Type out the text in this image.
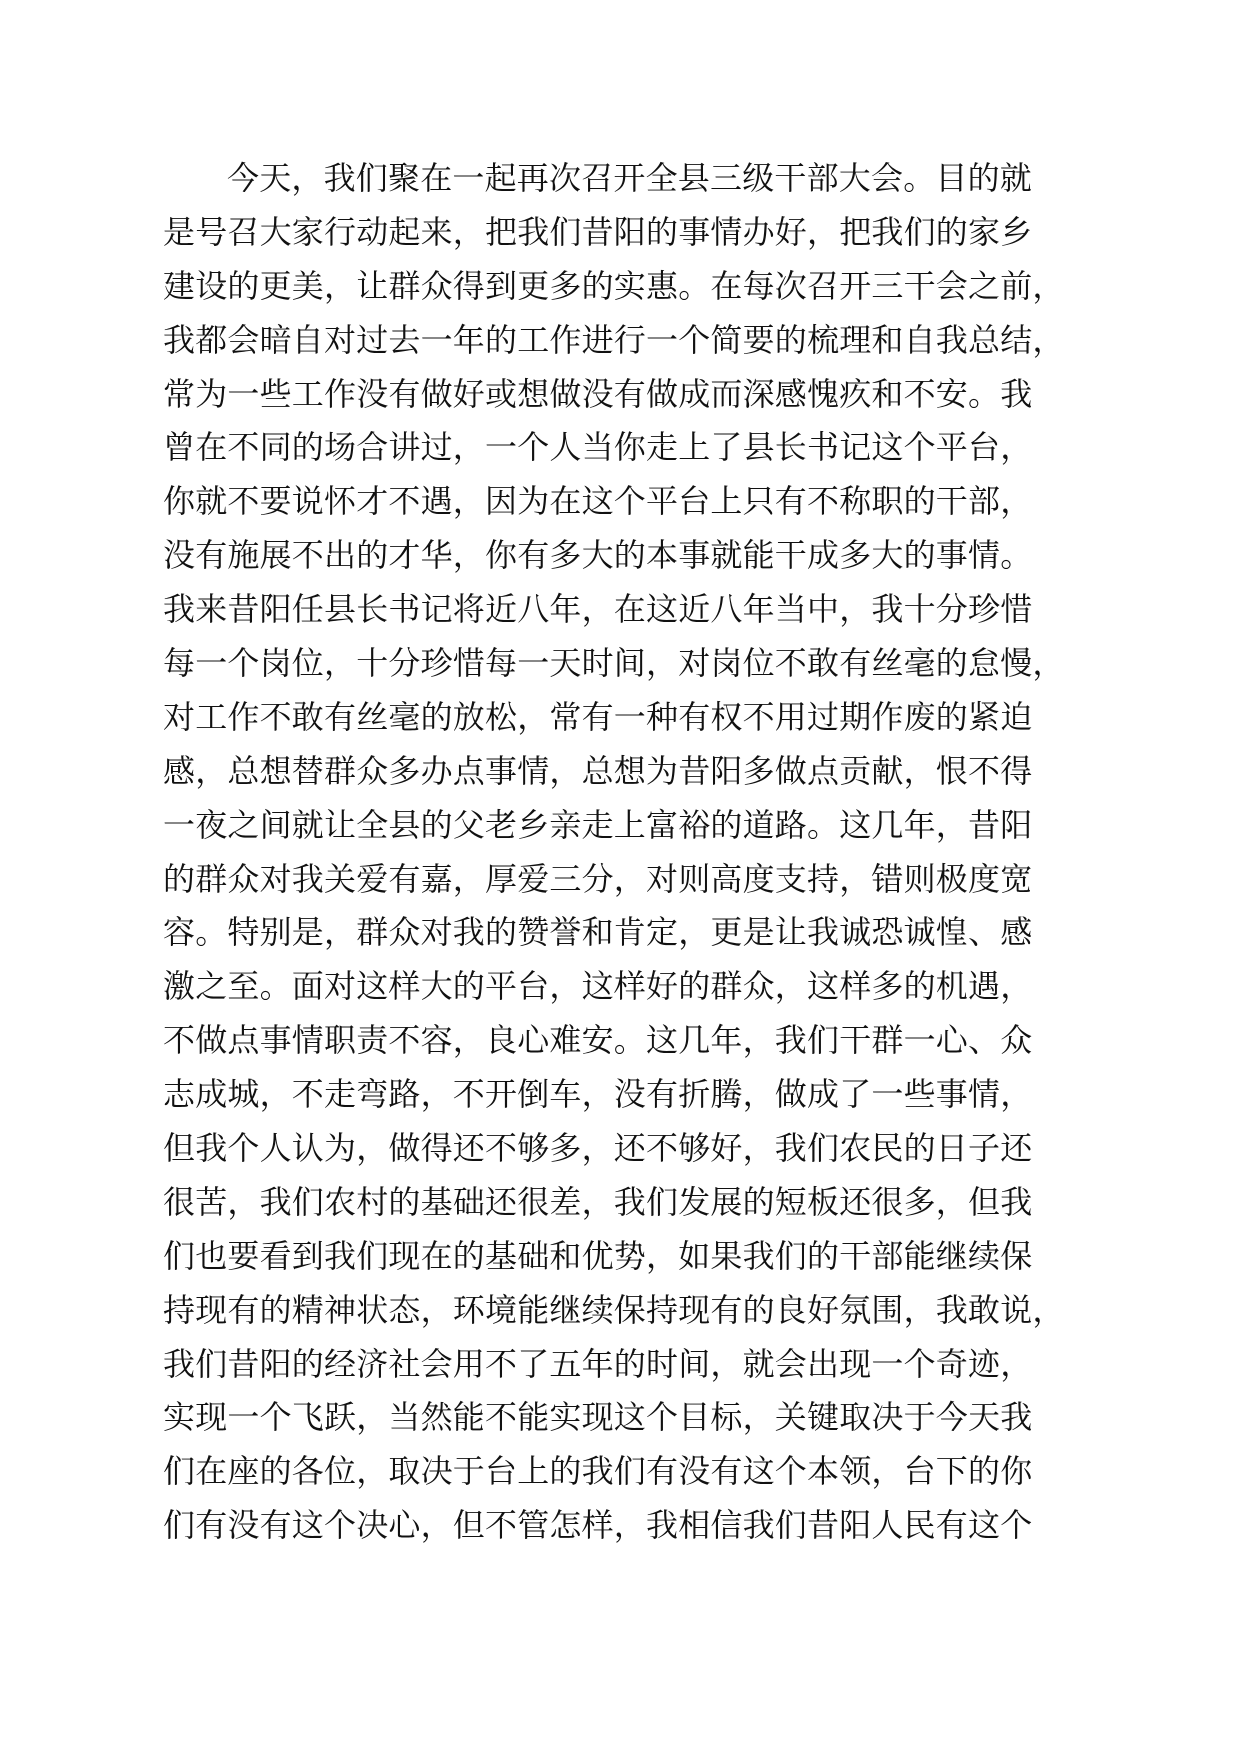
今天，我们聚在一起再次召开全县三级干部大会。目的就
是号召大家行动起来，把我们昔阳的事情办好，把我们的家乡
建设的更美，让群众得到更多的实惠。在每次召开三干会之前，
我都会暗自对过去一年的工作进行一个简要的梳理和自我总结，
常为一些工作没有做好或想做没有做成而深感愧疚和不安。我
曾在不同的场合讲过，一个人当你走上了县长书记这个平台，
你就不要说怀才不遇，因为在这个平台上只有不称职的干部，
没有施展不出的才华，你有多大的本事就能干成多大的事情。
我来昔阳任县长书记将近八年，在这近八年当中，我十分珍惜
每一个岗位，十分珍惜每一天时间，对岗位不敢有丝毫的怠慢，
对工作不敢有丝毫的放松，常有一种有权不用过期作废的紧迫
感，总想替群众多办点事情，总想为昔阳多做点贡献，恨不得
一夜之间就让全县的父老乡亲走上富裕的道路。这几年，昔阳
的群众对我关爱有嘉，厚爱三分，对则高度支持，错则极度宽
容。特别是，群众对我的赞誉和肯定，更是让我诚恐诚惶、感
激之至。面对这样大的平台，这样好的群众，这样多的机遇，
不做点事情职责不容，良心难安。这几年，我们干群一心、众
志成城，不走弯路，不开倒车，没有折腾，做成了一些事情，
但我个人认为，做得还不够多，还不够好，我们农民的日子还
很苦，我们农村的基础还很差，我们发展的短板还很多，但我
们也要看到我们现在的基础和优势，如果我们的干部能继续保
持现有的精神状态，环境能继续保持现有的良好氛围，我敢说，
我们昔阳的经济社会用不了五年的时间，就会出现一个奇迹，
实现一个飞跃，当然能不能实现这个目标，关键取决于今天我
们在座的各位，取决于台上的我们有没有这个本领，台下的你
们有没有这个决心，但不管怎样，我相信我们昔阳人民有这个
